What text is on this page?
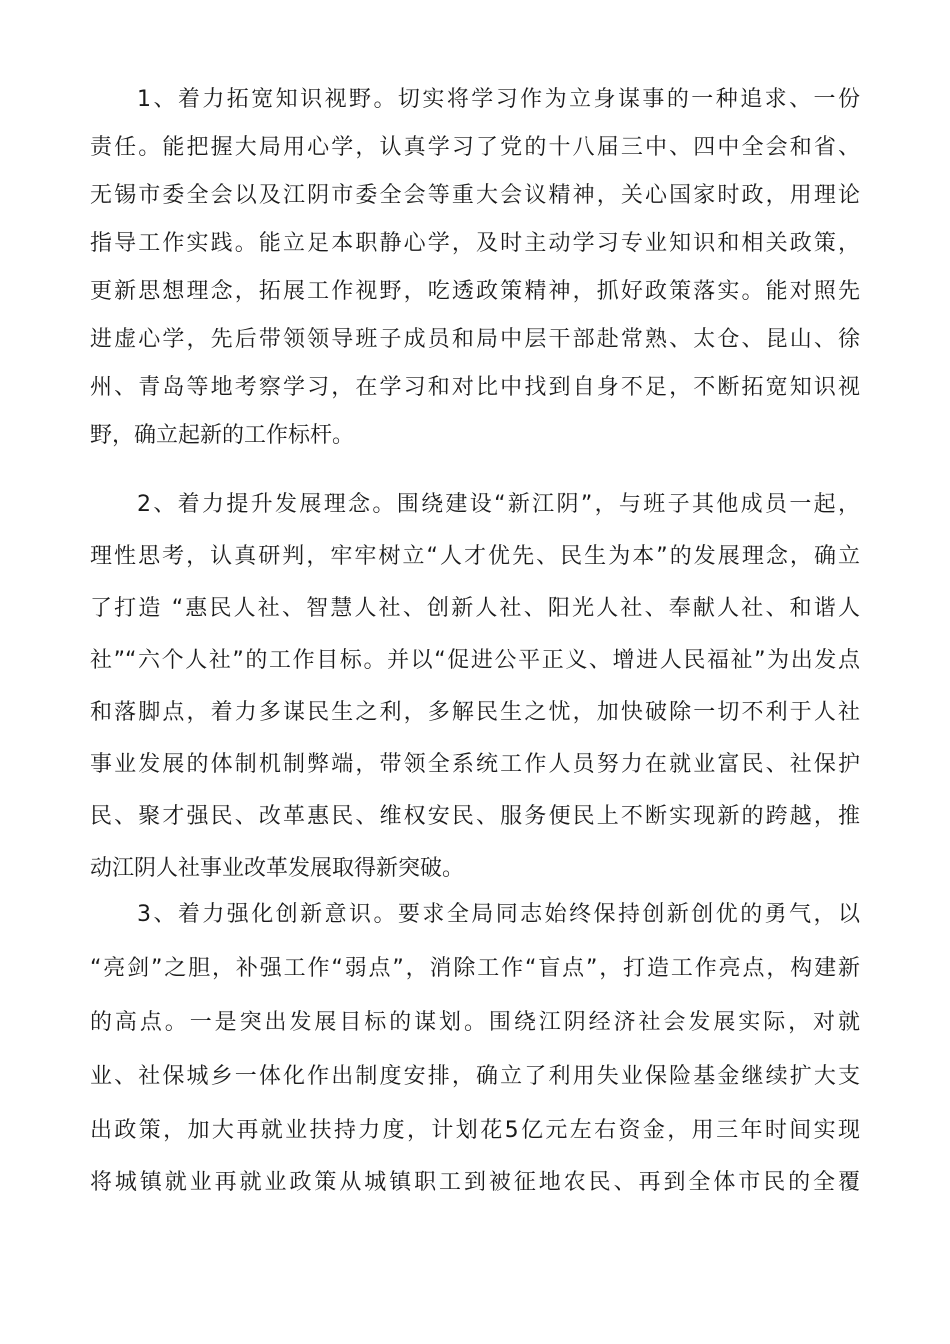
1、着力拓宽知识视野。切实将学习作为立身谋事的一种追求、一份
责任。能把握大局用心学，认真学习了党的十八届三中、四中全会和省、
无锡市委全会以及江阴市委全会等重大会议精神，关心国家时政，用理论
指导工作实践。能立足本职静心学，及时主动学习专业知识和相关政策，
更新思想理念，拓展工作视野，吃透政策精神，抓好政策落实。能对照先
进虚心学，先后带领领导班子成员和局中层干部赴常熟、太仓、昆山、徐
州、青岛等地考察学习，在学习和对比中找到自身不足，不断拓宽知识视
野，确立起新的工作标杆。
2、着力提升发展理念。围绕建设“新江阴”，与班子其他成员一起，
理性思考，认真研判，牢牢树立“人才优先、民生为本”的发展理念，确立
了打造 “惠民人社、智慧人社、创新人社、阳光人社、奉献人社、和谐人
社”“六个人社”的工作目标。并以“促进公平正义、增进人民福祉”为出发点
和落脚点，着力多谋民生之利，多解民生之忧，加快破除一切不利于人社
事业发展的体制机制弊端，带领全系统工作人员努力在就业富民、社保护
民、聚才强民、改革惠民、维权安民、服务便民上不断实现新的跨越，推
动江阴人社事业改革发展取得新突破。
3、着力强化创新意识。要求全局同志始终保持创新创优的勇气，以
“亮剑”之胆，补强工作“弱点”，消除工作“盲点”，打造工作亮点，构建新
的高点。一是突出发展目标的谋划。围绕江阴经济社会发展实际，对就
业、社保城乡一体化作出制度安排，确立了利用失业保险基金继续扩大支
出政策，加大再就业扶持力度，计划花5亿元左右资金，用三年时间实现
将城镇就业再就业政策从城镇职工到被征地农民、再到全体市民的全覆
